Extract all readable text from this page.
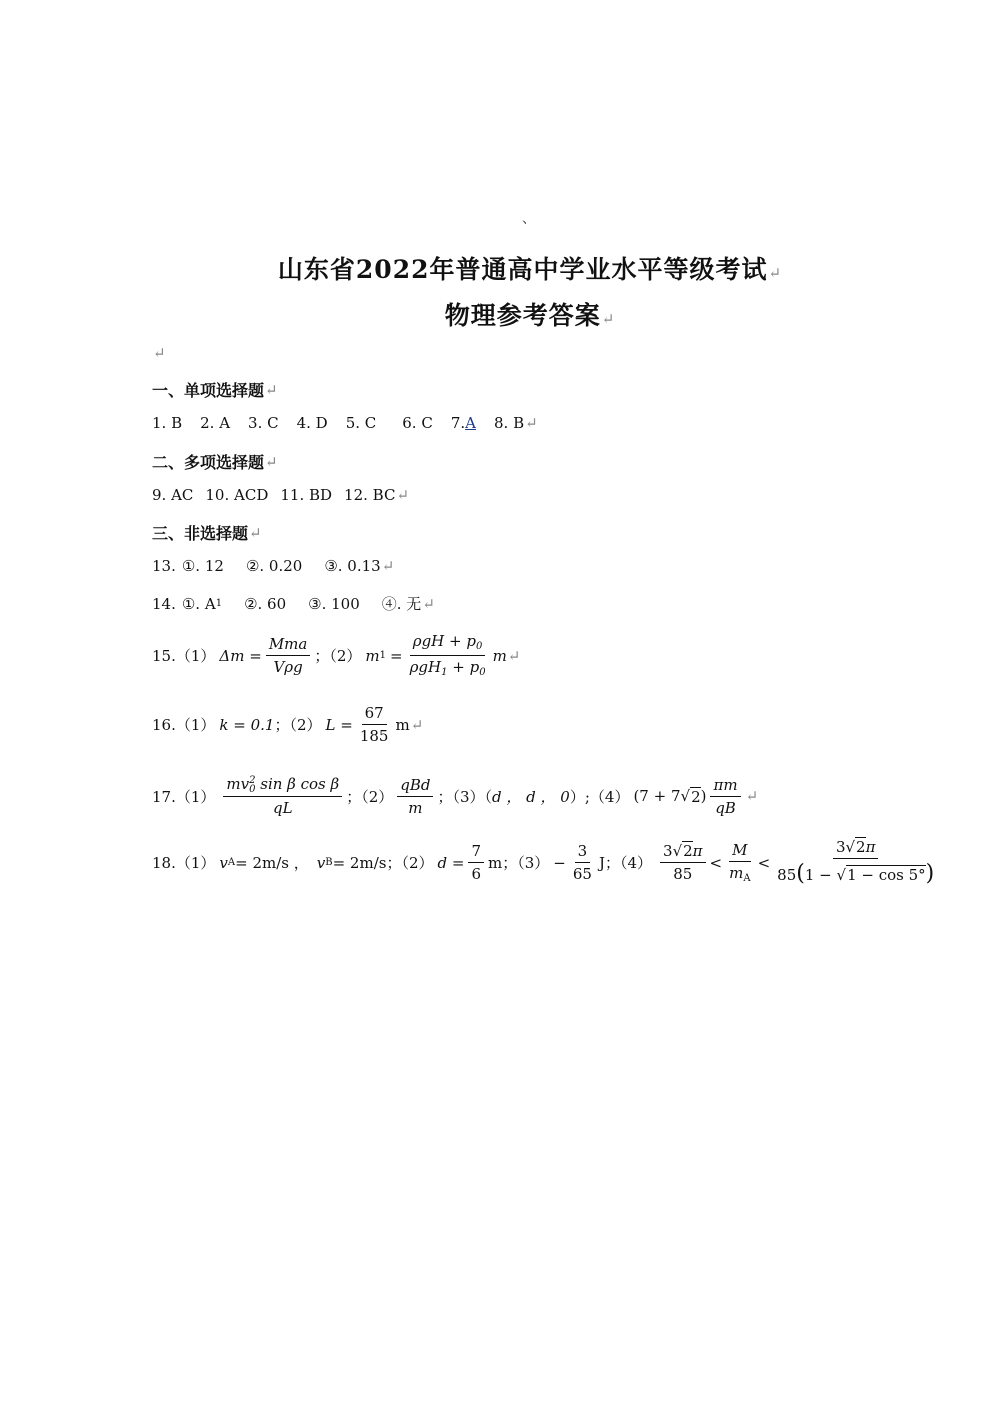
、
山东省2022年普通高中学业水平等级考试↵
物理参考答案↵
↵
一、单项选择题 ↵
1. B 2. A 3. C 4. D 5. C 6. C 7. A 8. B ↵
二、多项选择题 ↵
9. AC 10. ACD 11. BD 12. BC ↵
三、非选择题 ↵
13. ①. 12 ②. 0.20 ③. 0.13 ↵
14. ①. A 1 ②. 60 ③. 100 ④. 无 ↵
15.（1） $\Delta m = \frac{\text{Mma}}{\text{Vρg}}$ ；（2） m $1 = \frac{\rho gH + p_0}{\rho gH_1 + p_0}$ m ↵
16.（1） k = 0.1 ；（2） $L = \frac{67}{185}$ m ↵
17.（1） mv 2
0 sin β cos β
qL ；$(2) \frac{\text{qBd}}{m}$ ；（3）（ d ， d ， 0 ）;（4） (7 + 7 √ 2 ) $\frac{\pi m}{qB}$ ↵
18.（1） v A = 2m/s ， v B = 2m/s ；（2） $d = \frac{7}{6}$ m ；$(3) - \frac{3}{65}$ J ；$(4) \frac{3√2\pi}{85} < \frac{M}{m_A} < \frac{3√2\pi}{85(1 - √1 - \cos 5^\circ)}$
